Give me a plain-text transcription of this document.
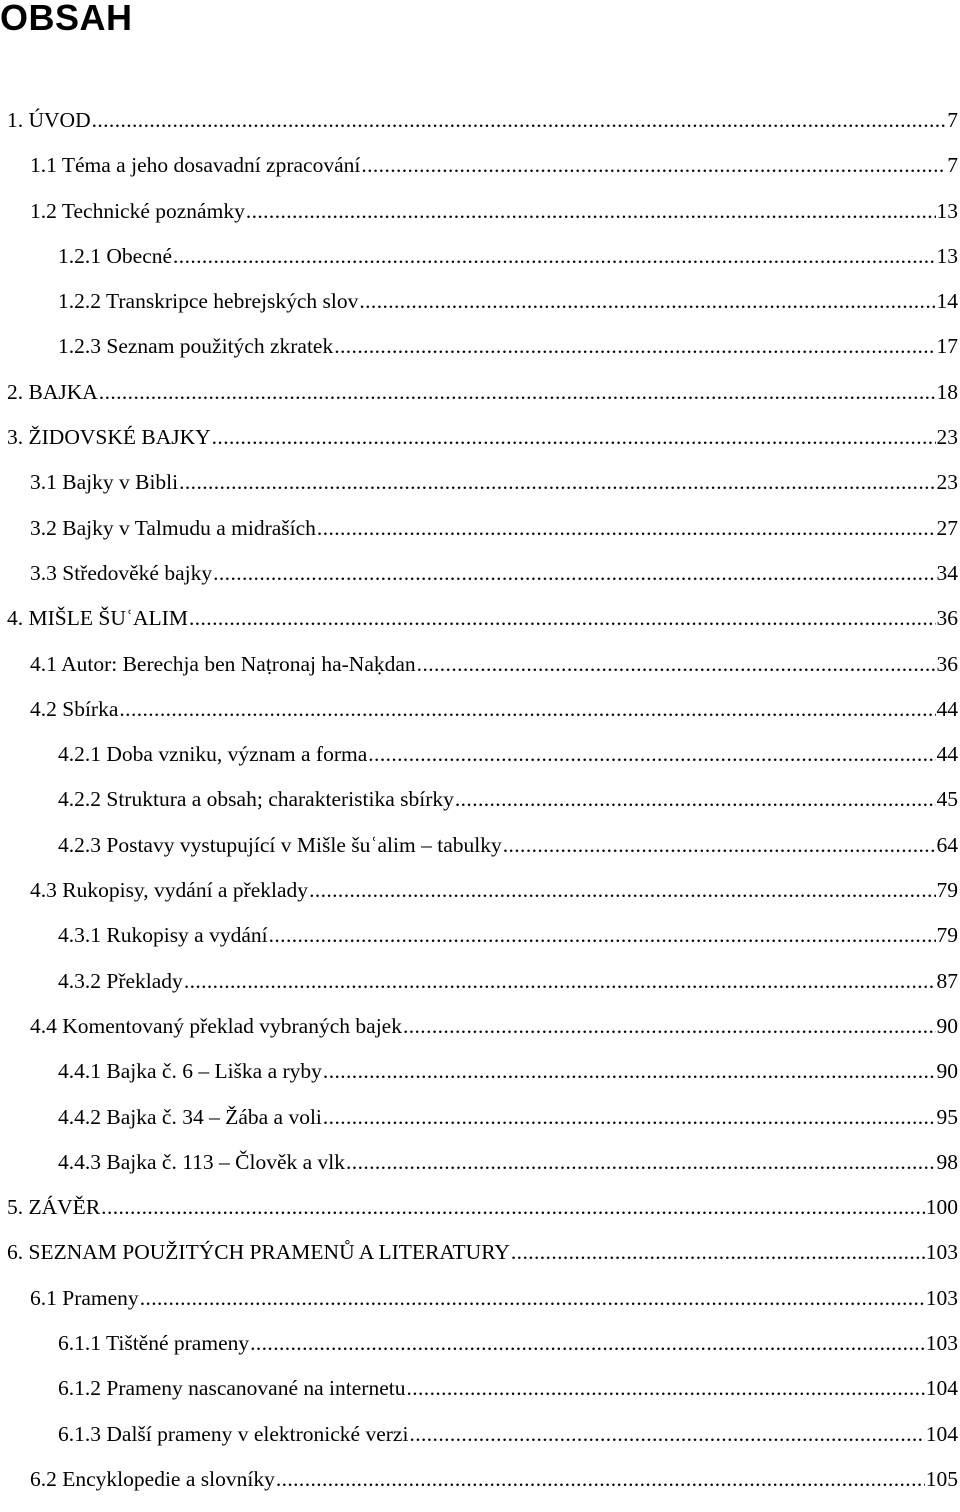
OBSAH
1. ÚVOD .....	7
1.1 Téma a jeho dosavadní zpracování .....	7
1.2 Technické poznámky .....	13
1.2.1 Obecné .....	13
1.2.2 Transkripce hebrejských slov .....	14
1.2.3 Seznam použitých zkratek .....	17
2. BAJKA .....	18
3. ŽIDOVSKÉ BAJKY .....	23
3.1 Bajky v Bibli .....	23
3.2 Bajky v Talmudu a midraších .....	27
3.3 Středověké bajky .....	34
4. MIŠLE ŠUʿALIM .....	36
4.1 Autor: Berechja ben Naṭronaj ha-Naḳdan .....	36
4.2 Sbírka .....	44
4.2.1 Doba vzniku, význam a forma .....	44
4.2.2 Struktura a obsah; charakteristika sbírky .....	45
4.2.3 Postavy vystupující v Mišle šuʿalim – tabulky .....	64
4.3 Rukopisy, vydání a překlady .....	79
4.3.1 Rukopisy a vydání .....	79
4.3.2 Překlady .....	87
4.4 Komentovaný překlad vybraných bajek .....	90
4.4.1 Bajka č. 6 – Liška a ryby .....	90
4.4.2 Bajka č. 34 – Žába a voli .....	95
4.4.3 Bajka č. 113 – Člověk a vlk .....	98
5. ZÁVĚR .....	100
6. SEZNAM POUŽITÝCH PRAMENŮ A LITERATURY .....	103
6.1 Prameny .....	103
6.1.1 Tištěné prameny .....	103
6.1.2 Prameny nascanované na internetu .....	104
6.1.3 Další prameny v elektronické verzi .....	104
6.2 Encyklopedie a slovníky .....	105
